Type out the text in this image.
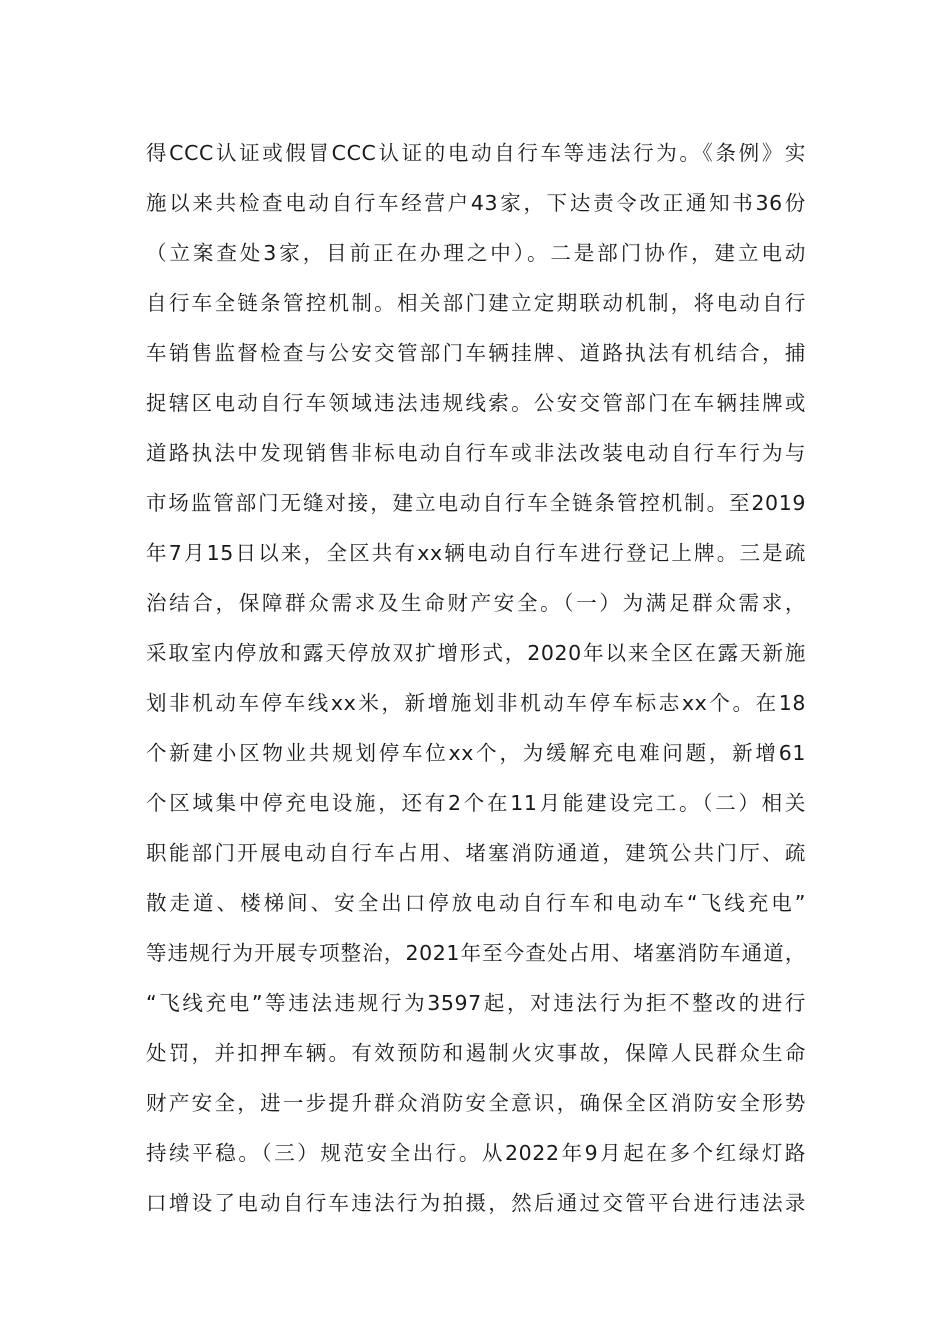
得CCC认证或假冒CCC认证的电动自行车等违法行为。《条例》实
施以来共检查电动自行车经营户43家，下达责令改正通知书36份
（立案查处3家，目前正在办理之中）。二是部门协作，建立电动
自行车全链条管控机制。相关部门建立定期联动机制，将电动自行
车销售监督检查与公安交管部门车辆挂牌、道路执法有机结合，捕
捉辖区电动自行车领域违法违规线索。公安交管部门在车辆挂牌或
道路执法中发现销售非标电动自行车或非法改装电动自行车行为与
市场监管部门无缝对接，建立电动自行车全链条管控机制。至2019
年7月15日以来，全区共有xx辆电动自行车进行登记上牌。三是疏
治结合，保障群众需求及生命财产安全。（一）为满足群众需求，
采取室内停放和露天停放双扩增形式，2020年以来全区在露天新施
划非机动车停车线xx米，新增施划非机动车停车标志xx个。在18
个新建小区物业共规划停车位xx个，为缓解充电难问题，新增61
个区域集中停充电设施，还有2个在11月能建设完工。（二）相关
职能部门开展电动自行车占用、堵塞消防通道，建筑公共门厅、疏
散走道、楼梯间、安全出口停放电动自行车和电动车“飞线充电”
等违规行为开展专项整治，2021年至今查处占用、堵塞消防车通道，
“飞线充电”等违法违规行为3597起，对违法行为拒不整改的进行
处罚，并扣押车辆。有效预防和遏制火灾事故，保障人民群众生命
财产安全，进一步提升群众消防安全意识，确保全区消防安全形势
持续平稳。（三）规范安全出行。从2022年9月起在多个红绿灯路
口增设了电动自行车违法行为拍摄，然后通过交管平台进行违法录
